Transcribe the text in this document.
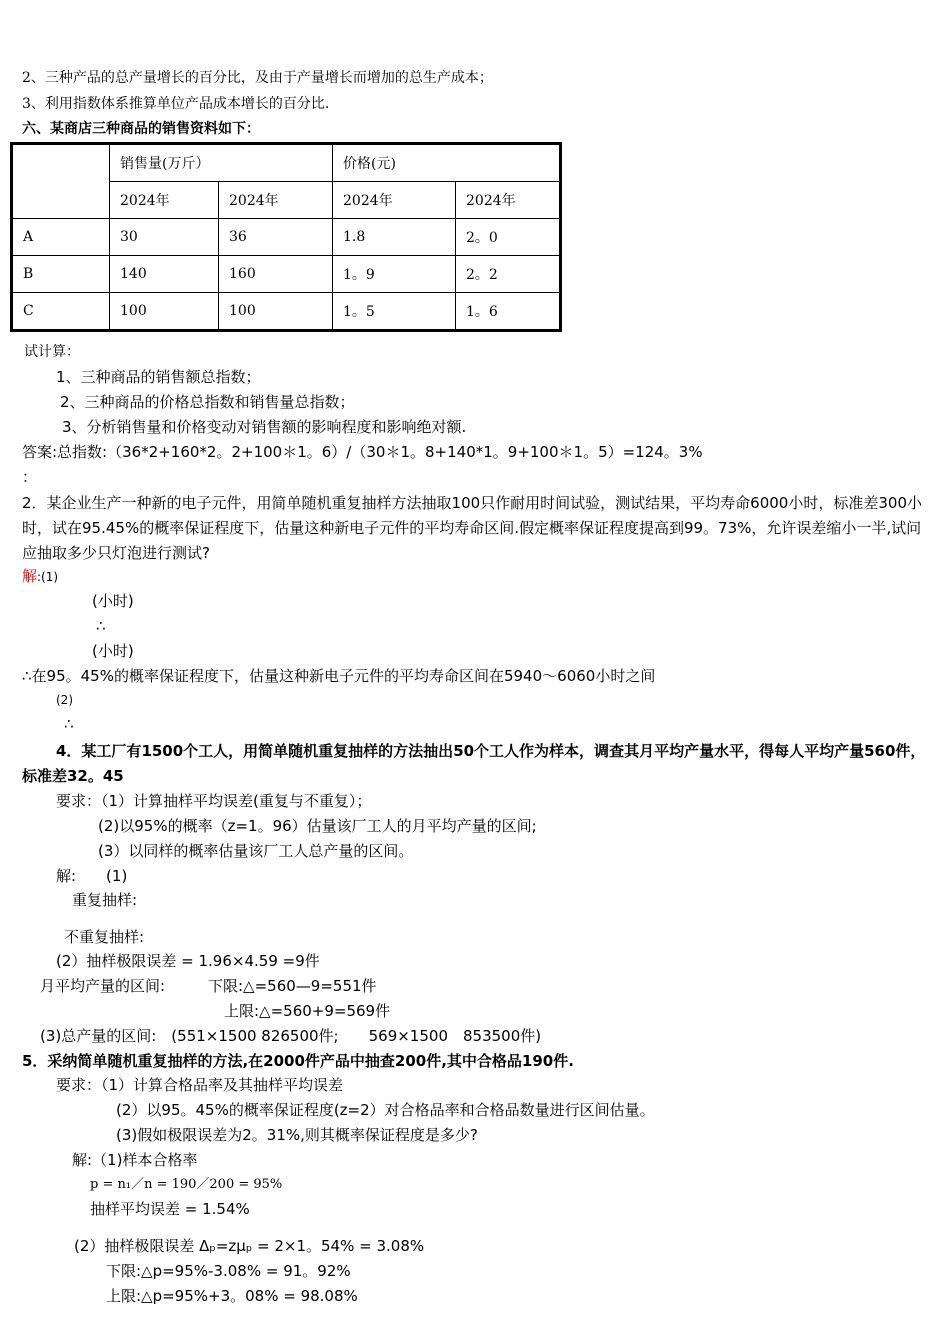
2、三种产品的总产量增长的百分比，及由于产量增长而增加的总生产成本；
3、利用指数体系推算单位产品成本增长的百分比.
六、某商店三种商品的销售资料如下：
	销售量(万斤）		价格(元)	
	2024年	2024年	2024年	2024年
A	30	36	1.8	2。0
B	140	160	1。9	2。2
C	100	100	1。5	1。6
试计算：
1、三种商品的销售额总指数；
2、三种商品的价格总指数和销售量总指数；
3、分析销售量和价格变动对销售额的影响程度和影响绝对额.
答案:总指数:（36*2+160*2。2+100＊1。6）/（30＊1。8+140*1。9+100＊1。5）=124。3%
：
2．某企业生产一种新的电子元件，用简单随机重复抽样方法抽取100只作耐用时间试验，测试结果，平均寿命6000小时，标准差300小时，试在95.45%的概率保证程度下，估量这种新电子元件的平均寿命区间.假定概率保证程度提高到99。73%，允许误差缩小一半,试问应抽取多少只灯泡进行测试?
解:(1)
(小时)
∴
(小时)
∴在95。45%的概率保证程度下，估量这种新电子元件的平均寿命区间在5940～6060小时之间
(2)
∴
4．某工厂有1500个工人，用简单随机重复抽样的方法抽出50个工人作为样本，调查其月平均产量水平，得每人平均产量560件，标准差32。45
要求：（1）计算抽样平均误差(重复与不重复）；
(2)以95%的概率（z=1。96）估量该厂工人的月平均产量的区间;
(3）以同样的概率估量该厂工人总产量的区间。
解:　　(1)
重复抽样:
不重复抽样:
(2）抽样极限误差 = 1.96×4.59 =9件
月平均产量的区间:	下限:△=560—9=551件
上限:△=560+9=569件
(3)总产量的区间:　(551×1500 826500件;　　569×1500　853500件)
5．采纳简单随机重复抽样的方法,在2000件产品中抽查200件,其中合格品190件.
要求：（1）计算合格品率及其抽样平均误差
(2）以95。45%的概率保证程度(z=2）对合格品率和合格品数量进行区间估量。
(3)假如极限误差为2。31%,则其概率保证程度是多少?
解:（1)样本合格率
p = n₁／n = 190／200 = 95%
抽样平均误差 = 1.54%
(2）抽样极限误差 Δₚ=zμₚ = 2×1。54% = 3.08%
下限:△p=95%-3.08% = 91。92%
上限:△p=95%+3。08% = 98.08%
